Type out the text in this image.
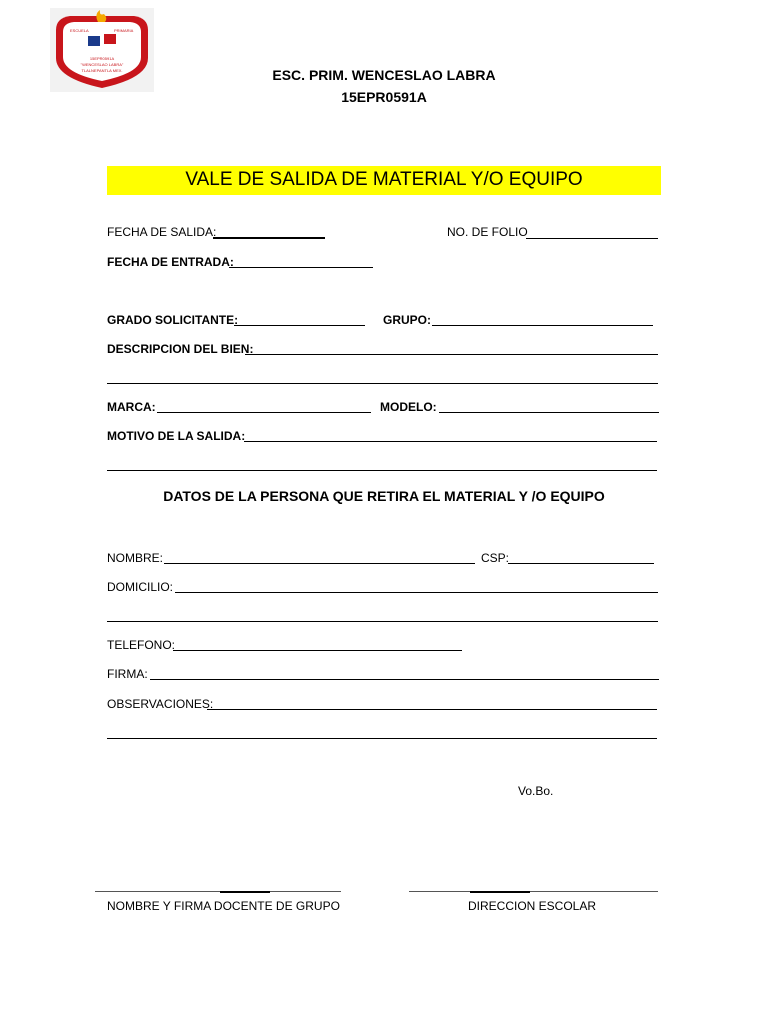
ESCUELA	PRIMARIA
15EPR0591A
"WENCESLAO LABRA"
TLALNEPANTLA MEX.	ESC. PRIM. WENCESLAO LABRA
15EPR0591A
VALE DE SALIDA DE MATERIAL Y/O EQUIPO
FECHA DE SALIDA:	NO. DE FOLIO
FECHA DE ENTRADA:
GRADO SOLICITANTE:	GRUPO:
DESCRIPCION DEL BIEN:
MARCA:	MODELO:
MOTIVO DE LA SALIDA:
DATOS DE LA PERSONA QUE RETIRA EL MATERIAL Y /O EQUIPO
NOMBRE:	CSP:
DOMICILIO:
TELEFONO:
FIRMA:
OBSERVACIONES:
Vo.Bo.
NOMBRE Y FIRMA DOCENTE DE GRUPO	DIRECCION ESCOLAR
